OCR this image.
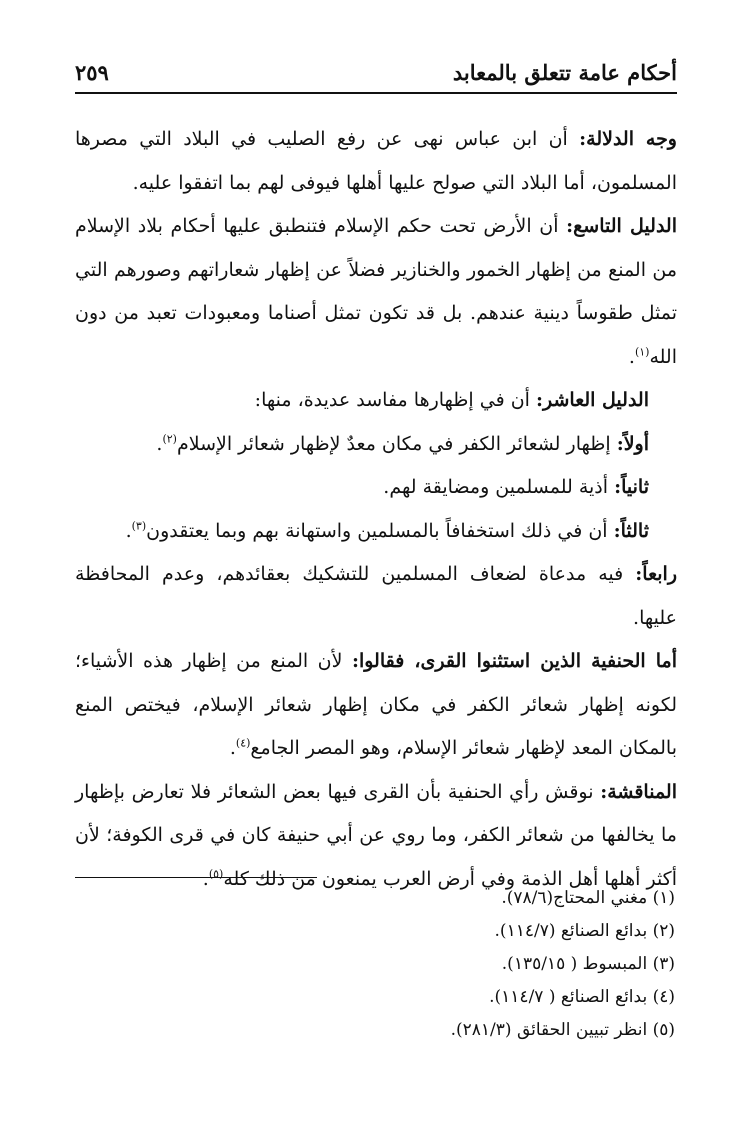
أحكام عامة تتعلق بالمعابد
٢٥٩

وجه الدلالة: أن ابن عباس نهى عن رفع الصليب في البلاد التي مصرها المسلمون، أما البلاد التي صولح عليها أهلها فيوفى لهم بما اتفقوا عليه.

الدليل التاسع: أن الأرض تحت حكم الإسلام فتنطبق عليها أحكام بلاد الإسلام من المنع من إظهار الخمور والخنازير فضلاً عن إظهار شعاراتهم وصورهم التي تمثل طقوساً دينية عندهم. بل قد تكون تمثل أصناما ومعبودات تعبد من دون الله$^{(١)}$.

الدليل العاشر: أن في إظهارها مفاسد عديدة، منها:

أولاً: إظهار لشعائر الكفر في مكان معدٌ لإظهار شعائر الإسلام$^{(٢)}$.

ثانياً: أذية للمسلمين ومضايقة لهم.

ثالثاً: أن في ذلك استخفافاً بالمسلمين واستهانة بهم وبما يعتقدون$^{(٣)}$.

رابعاً: فيه مدعاة لضعاف المسلمين للتشكيك بعقائدهم، وعدم المحافظة عليها.

أما الحنفية الذين استثنوا القرى، فقالوا: لأن المنع من إظهار هذه الأشياء؛ لكونه إظهار شعائر الكفر في مكان إظهار شعائر الإسلام، فيختص المنع بالمكان المعد لإظهار شعائر الإسلام، وهو المصر الجامع$^{(٤)}$.

المناقشة: نوقش رأي الحنفية بأن القرى فيها بعض الشعائر فلا تعارض بإظهار ما يخالفها من شعائر الكفر، وما روي عن أبي حنيفة كان في قرى الكوفة؛ لأن أكثر أهلها أهل الذمة وفي أرض العرب يمنعون من ذلك كله$^{(٥)}$.

(١) مغني المحتاج(٧٨/٦).
(٢) بدائع الصنائع (١١٤/٧).
(٣) المبسوط ( ١٣٥/١٥).
(٤) بدائع الصنائع ( ١١٤/٧).
(٥) انظر تبيين الحقائق (٢٨١/٣).
